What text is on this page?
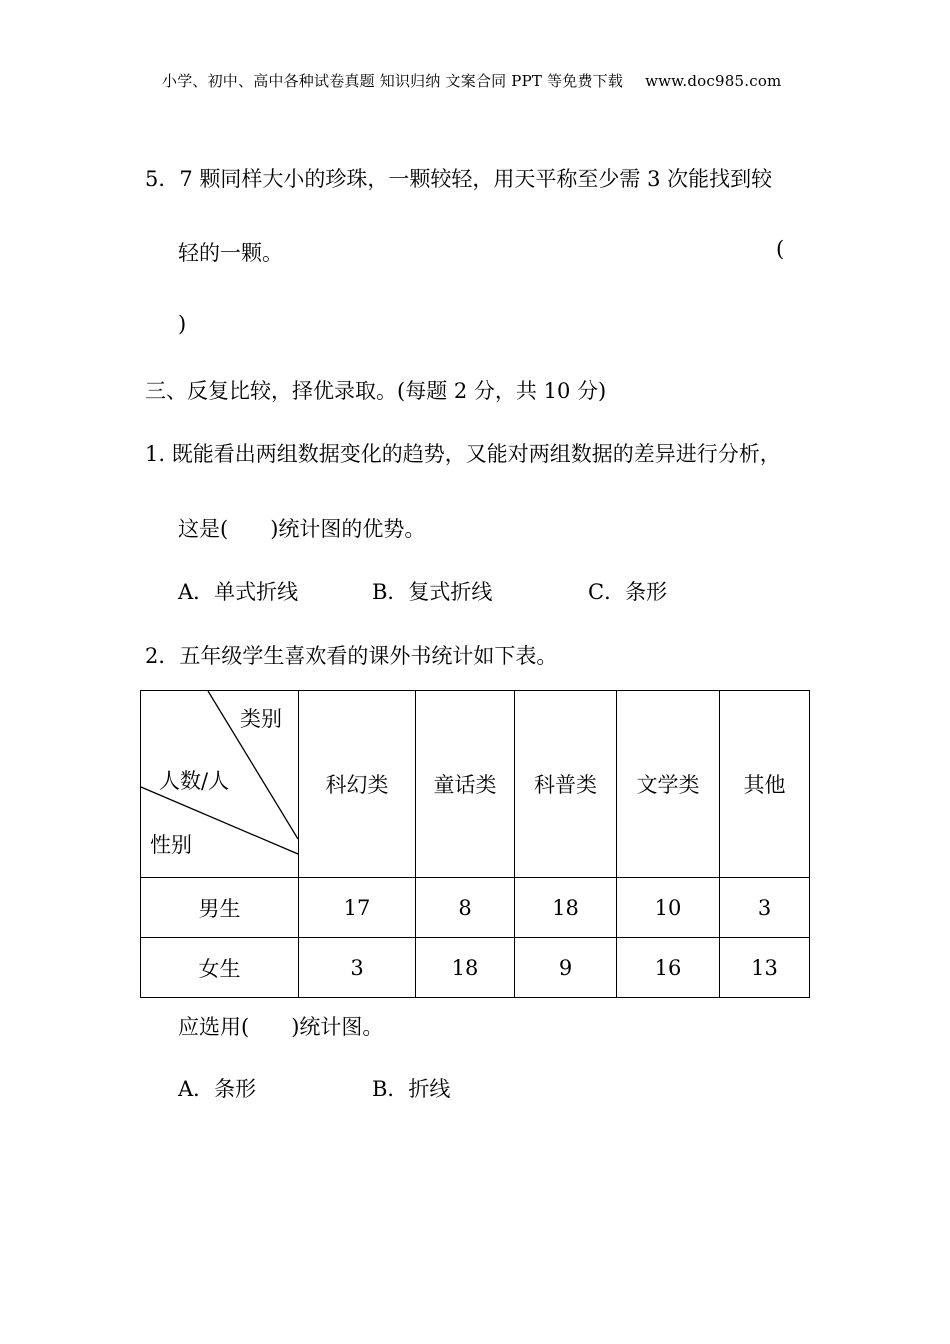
小学、初中、高中各种试卷真题 知识归纳 文案合同 PPT 等免费下载 www.doc985.com
5．7 颗同样大小的珍珠，一颗较轻，用天平称至少需 3 次能找到较
轻的一颗。	(
)
三、反复比较，择优录取。(每题 2 分，共 10 分)
1. 既能看出两组数据变化的趋势，又能对两组数据的差异进行分析，
这是(　　)统计图的优势。
A．单式折线	B．复式折线	C．条形
2．五年级学生喜欢看的课外书统计如下表。
类别
人数/人
性别	科幻类	童话类	科普类	文学类	其他
男生	17	8	18	10	3
女生	3	18	9	16	13
应选用(　　)统计图。
A．条形	B．折线
